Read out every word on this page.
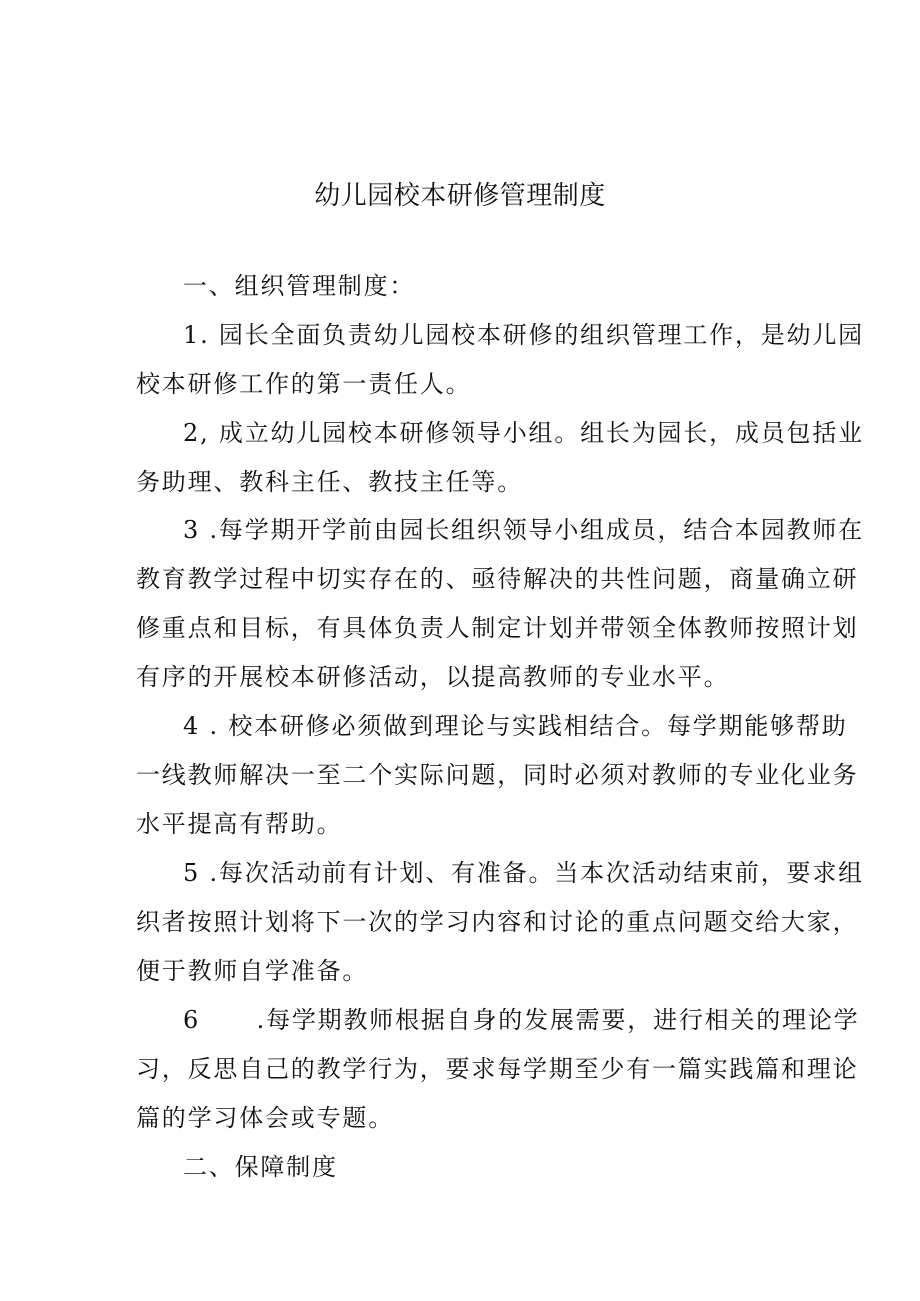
幼儿园校本研修管理制度
一、组织管理制度：
1. 园长全面负责幼儿园校本研修的组织管理工作，是幼儿园
校本研修工作的第一责任人。
2, 成立幼儿园校本研修领导小组。组长为园长，成员包括业
务助理、教科主任、教技主任等。
3 .每学期开学前由园长组织领导小组成员，结合本园教师在
教育教学过程中切实存在的、亟待解决的共性问题，商量确立研
修重点和目标，有具体负责人制定计划并带领全体教师按照计划
有序的开展校本研修活动，以提高教师的专业水平。
4 . 校本研修必须做到理论与实践相结合。每学期能够帮助
一线教师解决一至二个实际问题，同时必须对教师的专业化业务
水平提高有帮助。
5 .每次活动前有计划、有准备。当本次活动结束前，要求组
织者按照计划将下一次的学习内容和讨论的重点问题交给大家，
便于教师自学准备。
6      .每学期教师根据自身的发展需要，进行相关的理论学
习，反思自己的教学行为，要求每学期至少有一篇实践篇和理论
篇的学习体会或专题。
二、保障制度
